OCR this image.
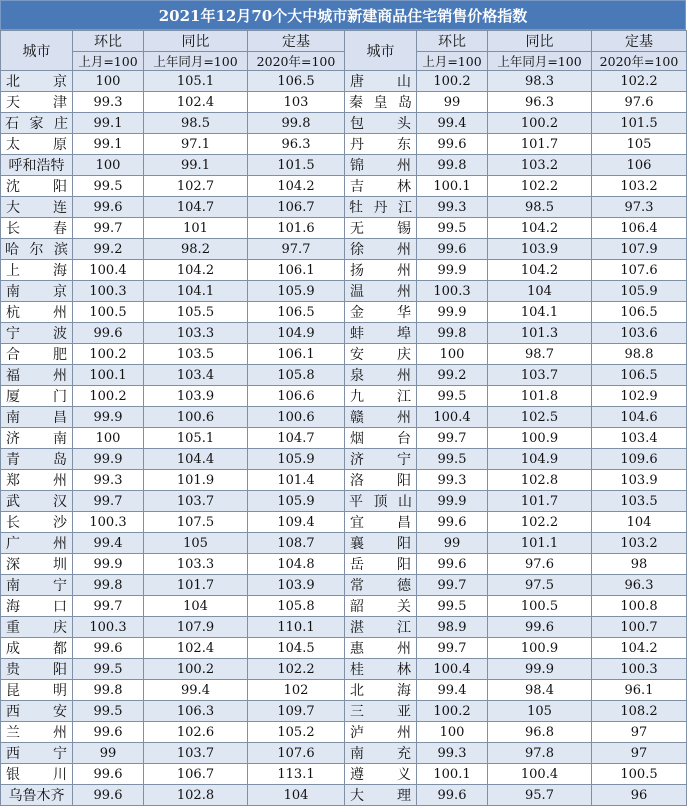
2021年12月70个大中城市新建商品住宅销售价格指数
城市	环比	同比	定基	城市	环比	同比	定基
	上月=100	上年同月=100	2020年=100		上月=100	上年同月=100	2020年=100
北京	100	105.1	106.5	唐山	100.2	98.3	102.2
天津	99.3	102.4	103	秦皇岛	99	96.3	97.6
石家庄	99.1	98.5	99.8	包头	99.4	100.2	101.5
太原	99.1	97.1	96.3	丹东	99.6	101.7	105
呼和浩特	100	99.1	101.5	锦州	99.8	103.2	106
沈阳	99.5	102.7	104.2	吉林	100.1	102.2	103.2
大连	99.6	104.7	106.7	牡丹江	99.3	98.5	97.3
长春	99.7	101	101.6	无锡	99.5	104.2	106.4
哈尔滨	99.2	98.2	97.7	徐州	99.6	103.9	107.9
上海	100.4	104.2	106.1	扬州	99.9	104.2	107.6
南京	100.3	104.1	105.9	温州	100.3	104	105.9
杭州	100.5	105.5	106.5	金华	99.9	104.1	106.5
宁波	99.6	103.3	104.9	蚌埠	99.8	101.3	103.6
合肥	100.2	103.5	106.1	安庆	100	98.7	98.8
福州	100.1	103.4	105.8	泉州	99.2	103.7	106.5
厦门	100.2	103.9	106.6	九江	99.5	101.8	102.9
南昌	99.9	100.6	100.6	赣州	100.4	102.5	104.6
济南	100	105.1	104.7	烟台	99.7	100.9	103.4
青岛	99.9	104.4	105.9	济宁	99.5	104.9	109.6
郑州	99.3	101.9	101.4	洛阳	99.3	102.8	103.9
武汉	99.7	103.7	105.9	平顶山	99.9	101.7	103.5
长沙	100.3	107.5	109.4	宜昌	99.6	102.2	104
广州	99.4	105	108.7	襄阳	99	101.1	103.2
深圳	99.9	103.3	104.8	岳阳	99.6	97.6	98
南宁	99.8	101.7	103.9	常德	99.7	97.5	96.3
海口	99.7	104	105.8	韶关	99.5	100.5	100.8
重庆	100.3	107.9	110.1	湛江	98.9	99.6	100.7
成都	99.6	102.4	104.5	惠州	99.7	100.9	104.2
贵阳	99.5	100.2	102.2	桂林	100.4	99.9	100.3
昆明	99.8	99.4	102	北海	99.4	98.4	96.1
西安	99.5	106.3	109.7	三亚	100.2	105	108.2
兰州	99.6	102.6	105.2	泸州	100	96.8	97
西宁	99	103.7	107.6	南充	99.3	97.8	97
银川	99.6	106.7	113.1	遵义	100.1	100.4	100.5
乌鲁木齐	99.6	102.8	104	大理	99.6	95.7	96
